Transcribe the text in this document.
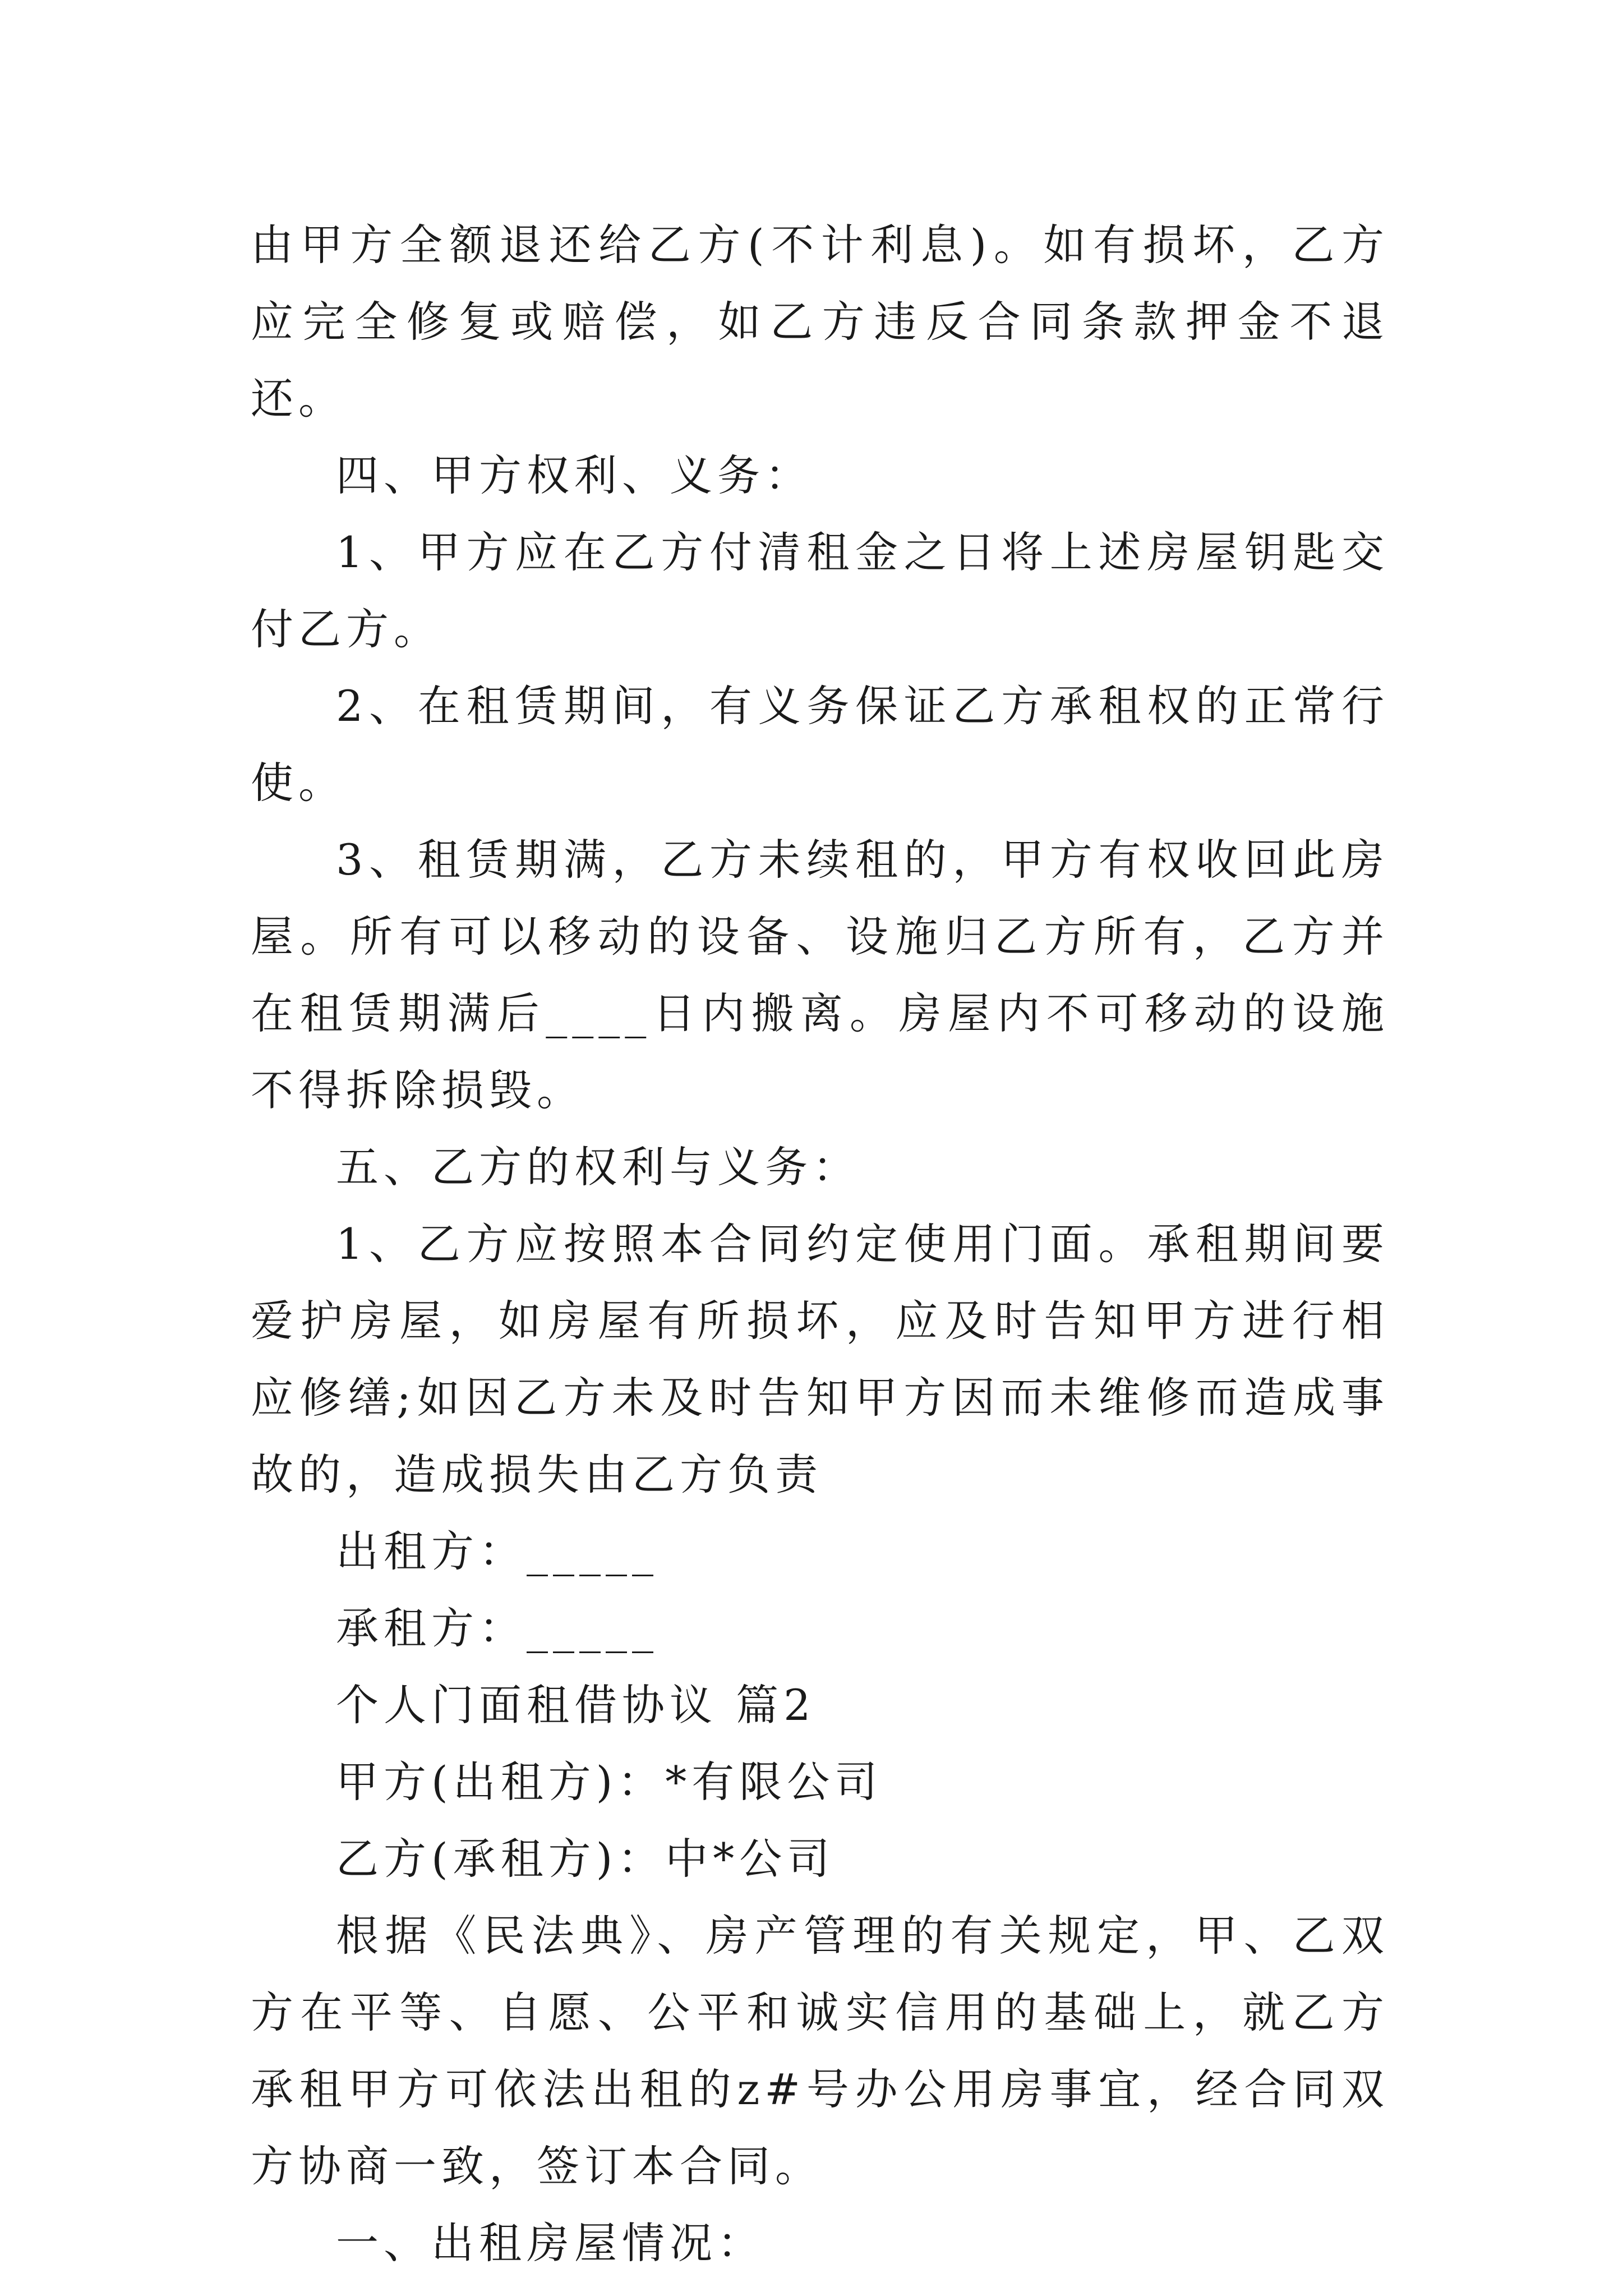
由甲方全额退还给乙方(不计利息)。如有损坏，乙方应完全修复或赔偿，如乙方违反合同条款押金不退还。

四、甲方权利、义务：

1、甲方应在乙方付清租金之日将上述房屋钥匙交付乙方。

2、在租赁期间，有义务保证乙方承租权的正常行使。

3、租赁期满，乙方未续租的，甲方有权收回此房屋。所有可以移动的设备、设施归乙方所有，乙方并在租赁期满后____日内搬离。房屋内不可移动的设施不得拆除损毁。

五、乙方的权利与义务：

1、乙方应按照本合同约定使用门面。承租期间要爱护房屋，如房屋有所损坏，应及时告知甲方进行相应修缮;如因乙方未及时告知甲方因而未维修而造成事故的，造成损失由乙方负责

出租方：_____

承租方：_____

个人门面租借协议 篇2

甲方(出租方)：*有限公司

乙方(承租方)：中*公司

根据《民法典》、房产管理的有关规定，甲、乙双方在平等、自愿、公平和诚实信用的基础上，就乙方承租甲方可依法出租的z#号办公用房事宜，经合同双方协商一致，签订本合同。

一、出租房屋情况：
